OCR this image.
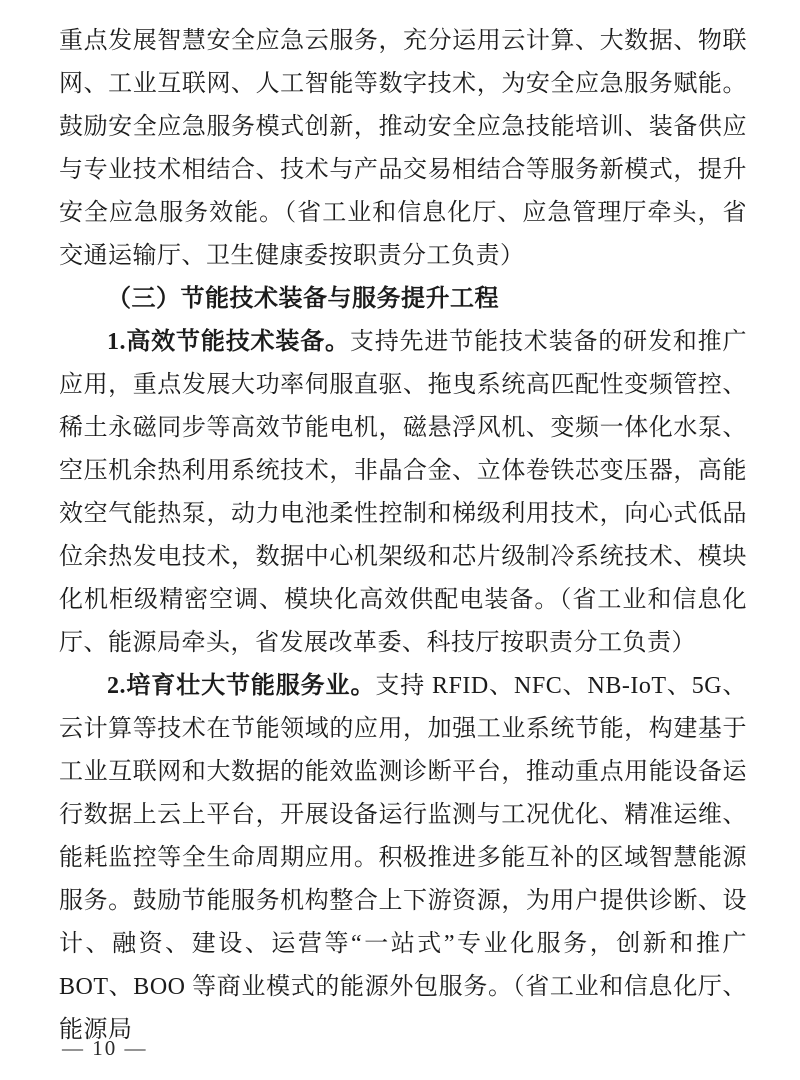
重点发展智慧安全应急云服务，充分运用云计算、大数据、物联网、工业互联网、人工智能等数字技术，为安全应急服务赋能。鼓励安全应急服务模式创新，推动安全应急技能培训、装备供应与专业技术相结合、技术与产品交易相结合等服务新模式，提升安全应急服务效能。（省工业和信息化厅、应急管理厅牵头，省交通运输厅、卫生健康委按职责分工负责）

（三）节能技术装备与服务提升工程

1.高效节能技术装备。支持先进节能技术装备的研发和推广应用，重点发展大功率伺服直驱、拖曳系统高匹配性变频管控、稀土永磁同步等高效节能电机，磁悬浮风机、变频一体化水泵、空压机余热利用系统技术，非晶合金、立体卷铁芯变压器，高能效空气能热泵，动力电池柔性控制和梯级利用技术，向心式低品位余热发电技术，数据中心机架级和芯片级制冷系统技术、模块化机柜级精密空调、模块化高效供配电装备。（省工业和信息化厅、能源局牵头，省发展改革委、科技厅按职责分工负责）

2.培育壮大节能服务业。支持 RFID、NFC、NB-IoT、5G、云计算等技术在节能领域的应用，加强工业系统节能，构建基于工业互联网和大数据的能效监测诊断平台，推动重点用能设备运行数据上云上平台，开展设备运行监测与工况优化、精准运维、能耗监控等全生命周期应用。积极推进多能互补的区域智慧能源服务。鼓励节能服务机构整合上下游资源，为用户提供诊断、设计、融资、建设、运营等“一站式”专业化服务，创新和推广 BOT、BOO 等商业模式的能源外包服务。（省工业和信息化厅、能源局

— 10 —
